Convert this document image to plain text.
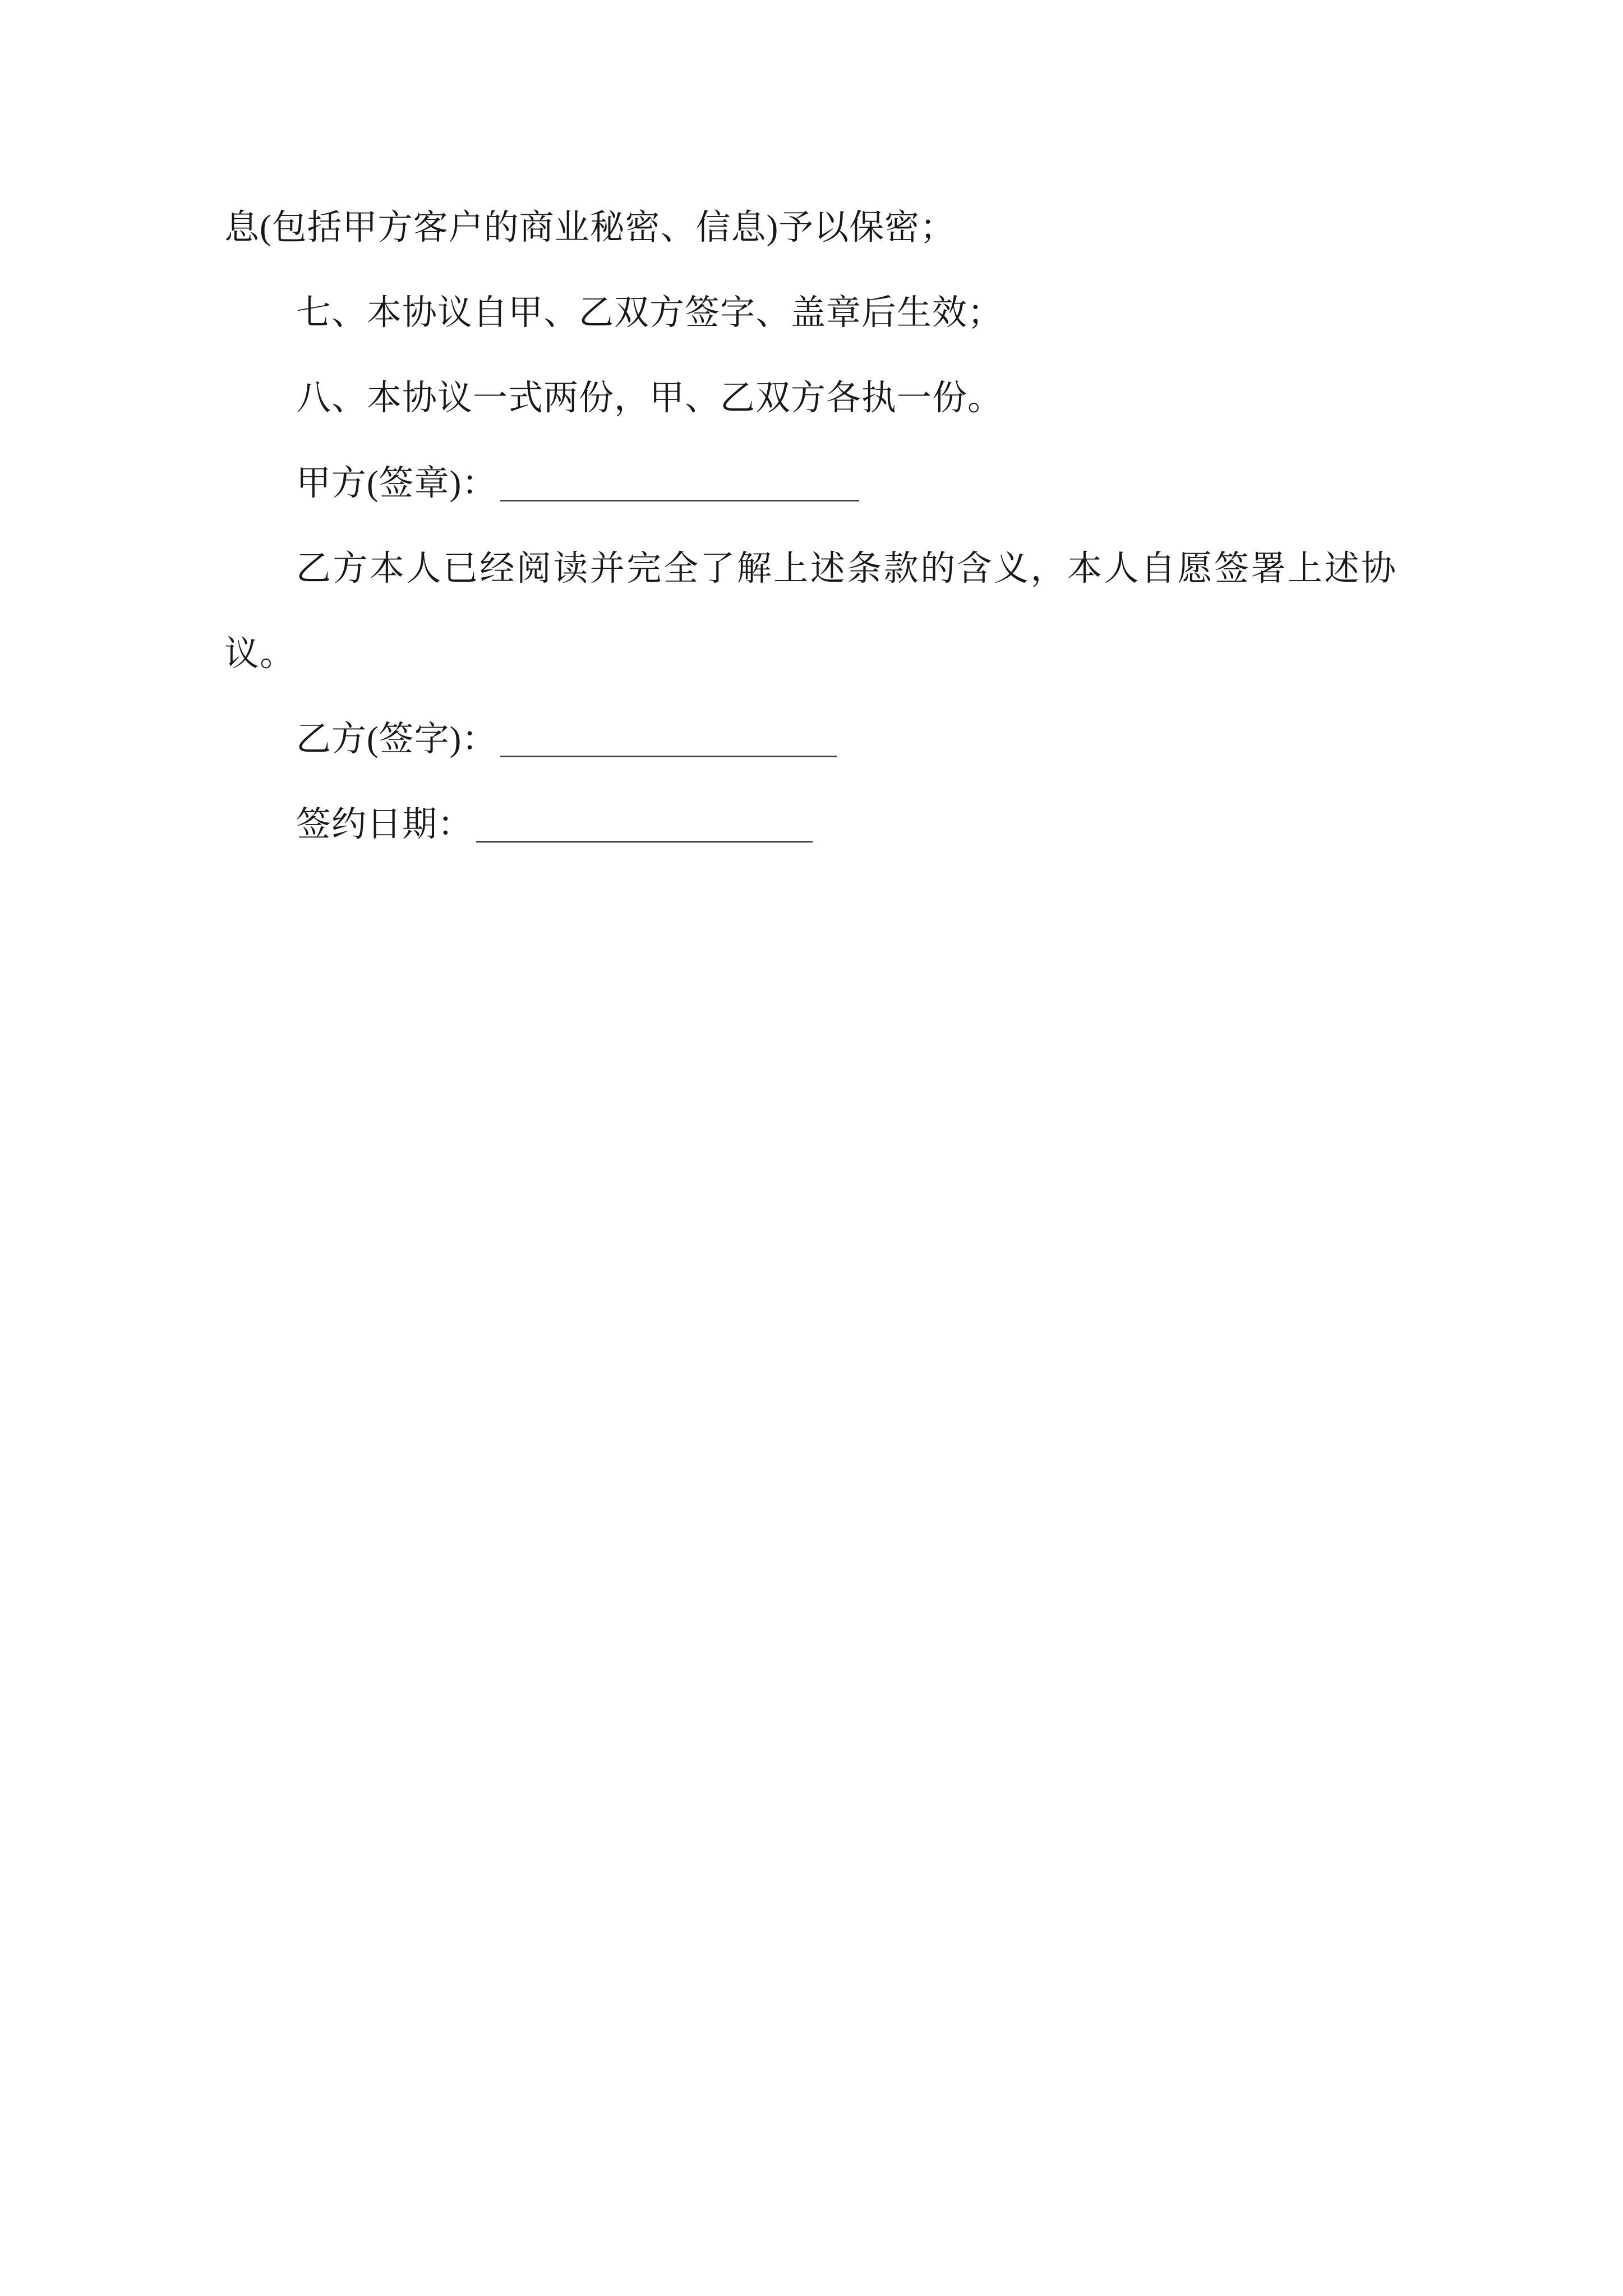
息(包括甲方客户的商业秘密、信息)予以保密；

七、本协议自甲、乙双方签字、盖章后生效；

八、本协议一式两份，甲、乙双方各执一份。

甲方(签章)：

乙方本人已经阅读并完全了解上述条款的含义，本人自愿签署上述协议。

乙方(签字)：

签约日期：
